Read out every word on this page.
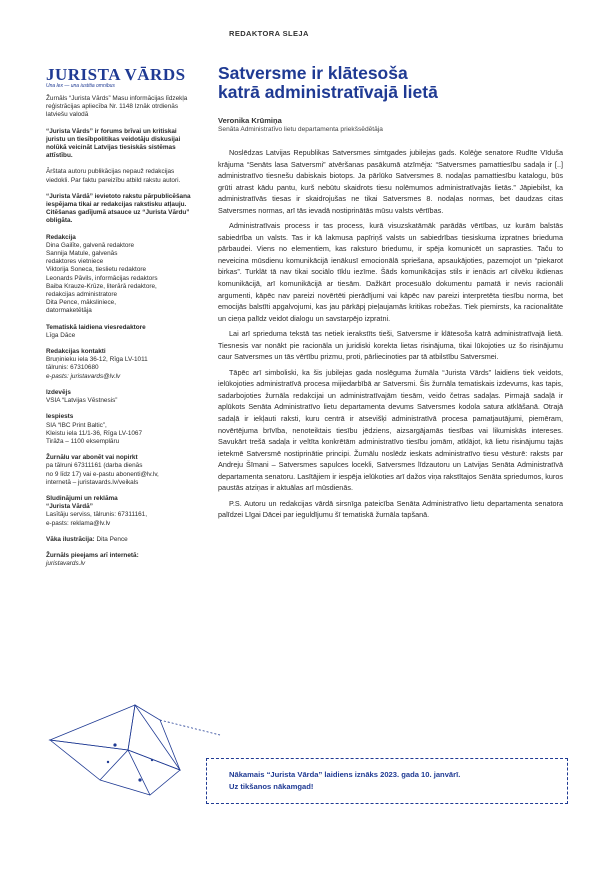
REDAKTORA SLEJA
JURISTA VĀRDS
Una lex — una iustitia omnibus

Žurnāls “Jurista Vārds” Masu informācijas līdzekļa reģistrācijas apliecība Nr. 1148 Iznāk otrdienās latviešu valodā

“Jurista Vārds” ir forums brīvai un kritiskai juristu un tiesībpolitikas veidotāju diskusijai nolūkā veicināt Latvijas tiesiskās sistēmas attīstību.

Ārštata autoru publikācijas nepauž redakcijas viedokli. Par faktu pareizību atbild rakstu autori.

“Jurista Vārdā” ievietoto rakstu pārpublicēšana iespējama tikai ar redakcijas rakstisku atļauju. Citēšanas gadījumā atsauce uz “Jurista Vārdu” obligāta.

Redakcija
Dina Gailīte, galvenā redaktore
Sannija Matule, galvenās
redaktores vietniece
Viktorija Soneca, tieslietu redaktore
Leonards Pāvils, informācijas redaktors
Baiba Krauze-Krūze, literārā redaktore,
redakcijas administratore
Dita Pence, māksliniece,
datormaketētāja
Tematiskā laidiena viesredaktore
Līga Dāce
Redakcijas kontakti
Bruņinieku iela 36-12, Rīga LV-1011
tālrunis: 67310680
e-pasts: juristavards@lv.lv
Izdevējs
VSIA “Latvijas Vēstnesis”
Iespiests
SIA “IBC Print Baltic”,
Kleistu iela 11/1-36, Rīga LV-1067
Tirāža – 1100 eksemplāru
Žurnālu var abonēt vai nopirkt
pa tālruni 67311161 (darba dienās
no 9 līdz 17) vai e-pastu abonenti@lv.lv,
internetā – juristavards.lv/veikals
Sludinājumi un reklāma
“Jurista Vārdā”
Lasītāju serviss, tālrunis: 67311161,
e-pasts: reklama@lv.lv
Vāka ilustrācija: Dita Pence
Žurnāls pieejams arī internetā:
juristavards.lv
Satversme ir klātesoša
katrā administratīvajā lietā
Veronika Krūmiņa
Senāta Administratīvo lietu departamenta priekšsēdētāja

Noslēdzas Latvijas Republikas Satversmes simtgades jubilejas gads. Kolēģe senatore Rudīte Vīduša krājuma “Senāts lasa Satversmi” atvēršanas pasākumā atzīmēja: “Satversmes pamattiesību sadaļa ir [..] administratīvo tiesnešu dabiskais biotops. Ja pārlūko Satversmes 8. nodaļas pamattiesību katalogu, būs grūti atrast kādu pantu, kurš nebūtu skaidrots tiesu nolēmumos administratīvajās lietās.” Jāpiebilst, ka administratīvās tiesas ir skaidrojušas ne tikai Satversmes 8. nodaļas normas, bet daudzas citas Satversmes normas, arī tās ievadā nostiprinātās mūsu valsts vērtības.

Administratīvais process ir tas process, kurā visuzskatāmāk parādās vērtības, uz kurām balstās sabiedrība un valsts. Tas ir kā lakmusa papīriņš valsts un sabiedrības tiesiskuma izpratnes brieduma pārbaudei. Viens no elementiem, kas raksturo briedumu, ir spēja komunicēt un saprasties. Taču to neveicina mūsdienu komunikācijā ienākusī emocionālā spriešana, apsaukājoties, pazemojot un “piekarot birkas”. Turklāt tā nav tikai sociālo tīklu iezīme. Šāds komunikācijas stils ir ienācis arī cilvēku ikdienas komunikācijā, arī komunikācijā ar tiesām. Dažkārt procesuālo dokumentu pamatā ir nevis racionāli argumenti, kāpēc nav pareizi novērtēti pierādījumi vai kāpēc nav pareizi interpretēta tiesību norma, bet emocijās balstīti apgalvojumi, kas jau pārkāpj pieļaujamās kritikas robežas. Tiek piemirsts, ka racionalitāte un cieņa palīdz veidot dialogu un savstarpējo izpratni.

Lai arī sprieduma tekstā tas netiek ierakstīts tieši, Satversme ir klātesoša katrā administratīvajā lietā. Tiesnesis var nonākt pie racionāla un juridiski korekta lietas risinājuma, tikai lūkojoties uz šo risinājumu caur Satversmes un tās vērtību prizmu, proti, pārliecinoties par tā atbilstību Satversmei.

Tāpēc arī simboliski, ka šis jubilejas gada noslēguma žurnāla “Jurista Vārds” laidiens tiek veidots, ielūkojoties administratīvā procesa mijiedarbībā ar Satversmi. Šis žurnāla tematiskais izdevums, kas tapis, sadarbojoties žurnāla redakcijai un administratīvajām tiesām, veido četras sadaļas. Pirmajā sadaļā ir aplūkots Senāta Administratīvo lietu departamenta devums Satversmes kodola satura atklāšanā. Otrajā sadaļā ir iekļauti raksti, kuru centrā ir atsevišķi administratīvā procesa pamatjautājumi, piemēram, novērtējuma brīvība, nenoteiktais tiesību jēdziens, aizsargājamās tiesības vai likumiskās intereses. Savukārt trešā sadaļa ir veltīta konkrētām administratīvo tiesību jomām, atklājot, kā lietu risinājumu tajās ietekmē Satversmē nostiprinātie principi. Žurnālu noslēdz ieskats administratīvo tiesu vēsturē: raksts par Andreju Šīmani – Satversmes sapulces locekli, Satversmes līdzautoru un Latvijas Senāta Administratīvā departamenta senatoru. Lasītājiem ir iespēja ielūkoties arī dažos viņa rakstītajos Senāta spriedumos, kuros paustās atziņas ir aktuālas arī mūsdienās.

P.S. Autoru un redakcijas vārdā sirsnīga pateicība Senāta Administratīvo lietu departamenta senatora palīdzei Līgai Dācei par ieguldījumu šī tematiskā žurnāla tapšanā.

Nākamais “Jurista Vārda” laidiens iznāks 2023. gada 10. janvārī.
Uz tikšanos nākamgad!
